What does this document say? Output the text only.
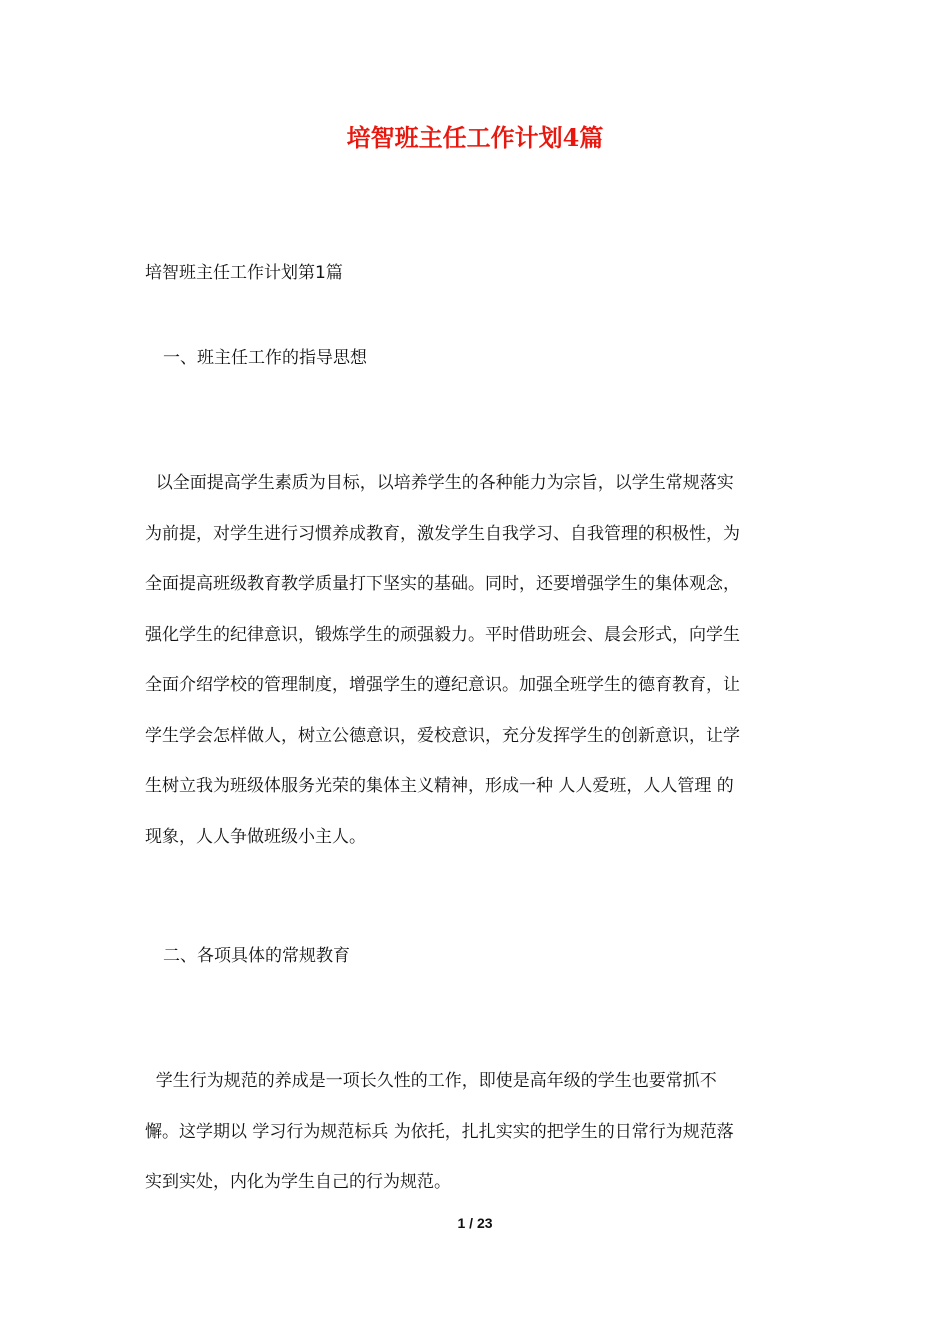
培智班主任工作计划4篇

培智班主任工作计划第1篇

一、班主任工作的指导思想

以全面提高学生素质为目标，以培养学生的各种能力为宗旨，以学生常规落实
为前提，对学生进行习惯养成教育，激发学生自我学习、自我管理的积极性，为
全面提高班级教育教学质量打下坚实的基础。同时，还要增强学生的集体观念，
强化学生的纪律意识，锻炼学生的顽强毅力。平时借助班会、晨会形式，向学生
全面介绍学校的管理制度，增强学生的遵纪意识。加强全班学生的德育教育，让
学生学会怎样做人，树立公德意识，爱校意识，充分发挥学生的创新意识，让学
生树立我为班级体服务光荣的集体主义精神，形成一种 人人爱班，人人管理 的
现象，人人争做班级小主人。

二、各项具体的常规教育

学生行为规范的养成是一项长久性的工作，即使是高年级的学生也要常抓不
懈。这学期以 学习行为规范标兵 为依托，扎扎实实的把学生的日常行为规范落
实到实处，内化为学生自己的行为规范。

1 / 23
